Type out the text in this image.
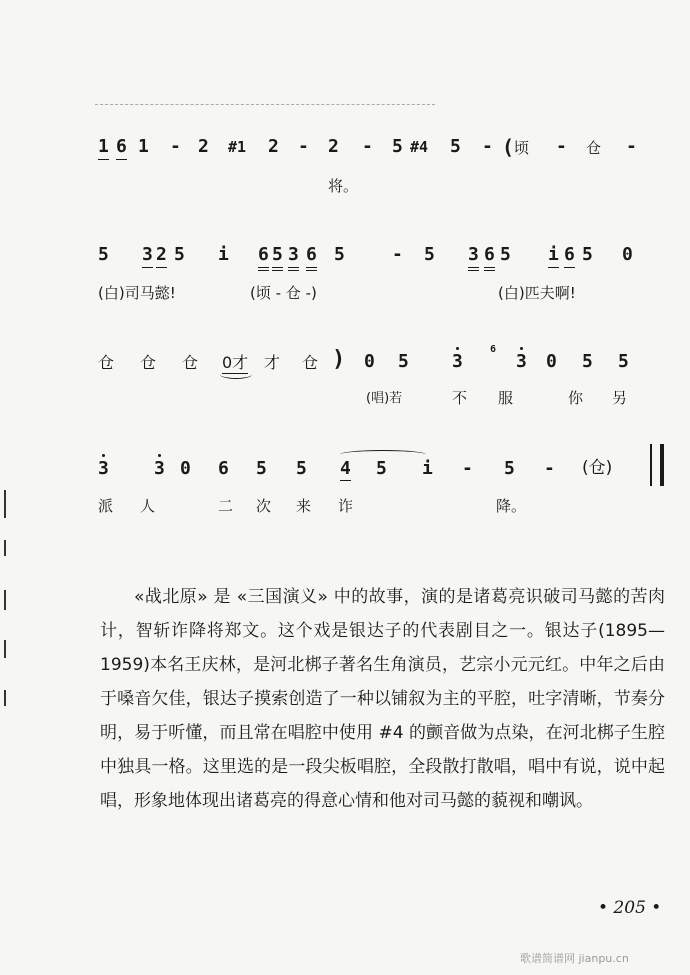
1 6 1 - 2 #1 2 - 2 - 5 #4 5 - ( 顷 - 仓 -
将。
5 3 2 5 i 6 5 3 6 5	- 5 3 6 5 i 6 5 0
(白)司马懿!	(顷 - 仓 -)	(白)匹夫啊!
仓 仓 仓 0才 才 仓 ) 0 5 3
6
3 0 5 5
(唱)若	不 服	你 另
3	3 0 6 5 5 4 5 i - 5 - (仓)
派 人	二 次 来 诈	降。

«战北原» 是 «三国演义» 中的故事，演的是诸葛亮识破司马懿的苦肉计，智斩诈降将郑文。这个戏是银达子的代表剧目之一。银达子(1895—1959)本名王庆林，是河北梆子著名生角演员，艺宗小元元红。中年之后由于嗓音欠佳，银达子摸索创造了一种以铺叙为主的平腔，吐字清晰，节奏分明，易于听懂，而且常在唱腔中使用 #4 的颤音做为点染，在河北梆子生腔中独具一格。这里选的是一段尖板唱腔，全段散打散唱，唱中有说，说中起唱，形象地体现出诸葛亮的得意心情和他对司马懿的藐视和嘲讽。

• 205 •
歌谱简谱网 jianpu.cn
